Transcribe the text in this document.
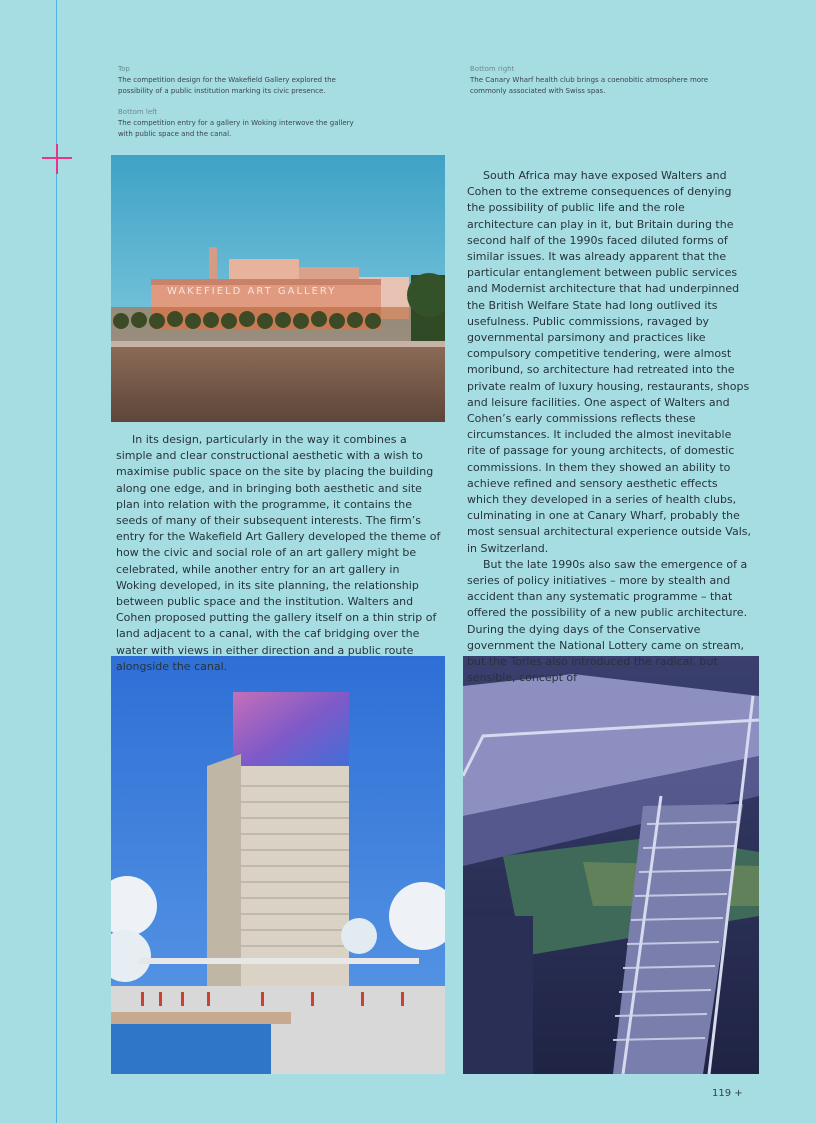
Top
The competition design for the Wakefield Gallery explored the possibility of a public institution marking its civic presence.
Bottom left
The competition entry for a gallery in Woking interwove the gallery with public space and the canal.
Bottom right
The Canary Wharf health club brings a coenobitic atmosphere more commonly associated with Swiss spas.
WAKEFIELD ART GALLERY

In its design, particularly in the way it combines a simple and clear constructional aesthetic with a wish to maximise public space on the site by placing the building along one edge, and in bringing both aesthetic and site plan into relation with the programme, it contains the seeds of many of their subsequent interests. The firm’s entry for the Wakefield Art Gallery developed the theme of how the civic and social role of an art gallery might be celebrated, while another entry for an art gallery in Woking developed, in its site planning, the relationship between public space and the institution. Walters and Cohen proposed putting the gallery itself on a thin strip of land adjacent to a canal, with the caf bridging over the water with views in either direction and a public route alongside the canal.

South Africa may have exposed Walters and Cohen to the extreme consequences of denying the possibility of public life and the role architecture can play in it, but Britain during the second half of the 1990s faced diluted forms of similar issues. It was already apparent that the particular entanglement between public services and Modernist architecture that had underpinned the British Welfare State had long outlived its usefulness. Public commissions, ravaged by governmental parsimony and practices like compulsory competitive tendering, were almost moribund, so architecture had retreated into the private realm of luxury housing, restaurants, shops and leisure facilities. One aspect of Walters and Cohen’s early commissions reflects these circumstances. It included the almost inevitable rite of passage for young architects, of domestic commissions. In them they showed an ability to achieve refined and sensory aesthetic effects which they developed in a series of health clubs, culminating in one at Canary Wharf, probably the most sensual architectural experience outside Vals, in Switzerland.

But the late 1990s also saw the emergence of a series of policy initiatives – more by stealth and accident than any systematic programme – that offered the possibility of a new public architecture. During the dying days of the Conservative government the National Lottery came on stream, but the Tories also introduced the radical, but sensible, concept of

119 +
